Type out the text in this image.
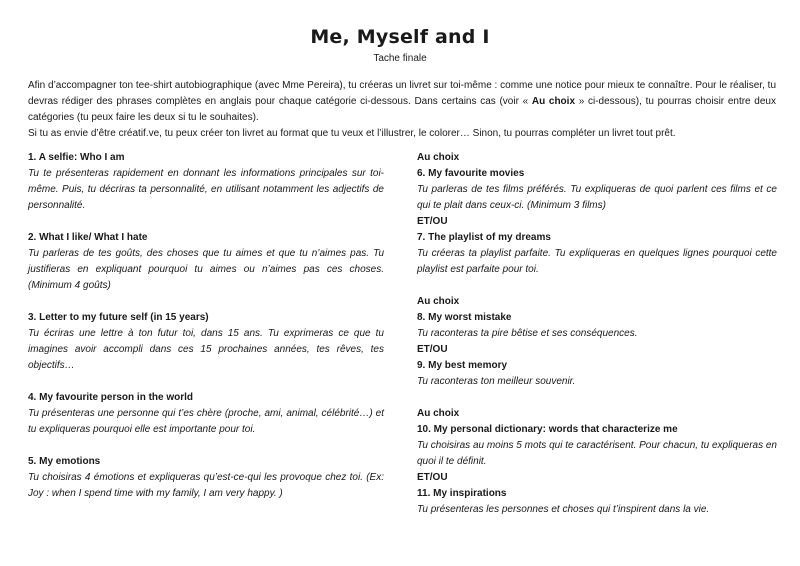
Me, Myself and I
Tache finale

Afin d’accompagner ton tee-shirt autobiographique (avec Mme Pereira), tu créeras un livret sur toi-même : comme une notice pour mieux te connaître. Pour le réaliser, tu devras rédiger des phrases complètes en anglais pour chaque catégorie ci-dessous. Dans certains cas (voir « Au choix » ci-dessous), tu pourras choisir entre deux catégories (tu peux faire les deux si tu le souhaites).

Si tu as envie d’être créatif.ve, tu peux créer ton livret au format que tu veux et l’illustrer, le colorer… Sinon, tu pourras compléter un livret tout prêt.

1. A selfie: Who I am
Tu te présenteras rapidement en donnant les informations principales sur toi-même. Puis, tu décriras ta personnalité, en utilisant notamment les adjectifs de personnalité.
2. What I like/ What I hate
Tu parleras de tes goûts, des choses que tu aimes et que tu n’aimes pas. Tu justifieras en expliquant pourquoi tu aimes ou n’aimes pas ces choses. (Minimum 4 goûts)
3. Letter to my future self (in 15 years)
Tu écriras une lettre à ton futur toi, dans 15 ans. Tu exprimeras ce que tu imagines avoir accompli dans ces 15 prochaines années, tes rêves, tes objectifs…
4. My favourite person in the world
Tu présenteras une personne qui t’es chère (proche, ami, animal, célébrité…) et tu expliqueras pourquoi elle est importante pour toi.
5. My emotions
Tu choisiras 4 émotions et expliqueras qu’est-ce-qui les provoque chez toi. (Ex: Joy : when I spend time with my family, I am very happy. )
Au choix
6. My favourite movies
Tu parleras de tes films préférés. Tu expliqueras de quoi parlent ces films et ce qui te plait dans ceux-ci. (Minimum 3 films)
ET/OU
7. The playlist of my dreams
Tu créeras ta playlist parfaite. Tu expliqueras en quelques lignes pourquoi cette playlist est parfaite pour toi.
Au choix
8. My worst mistake
Tu raconteras ta pire bêtise et ses conséquences.
ET/OU
9. My best memory
Tu raconteras ton meilleur souvenir.
Au choix
10. My personal dictionary: words that characterize me
Tu choisiras au moins 5 mots qui te caractérisent. Pour chacun, tu expliqueras en quoi il te définit.
ET/OU
11. My inspirations
Tu présenteras les personnes et choses qui t’inspirent dans la vie.
